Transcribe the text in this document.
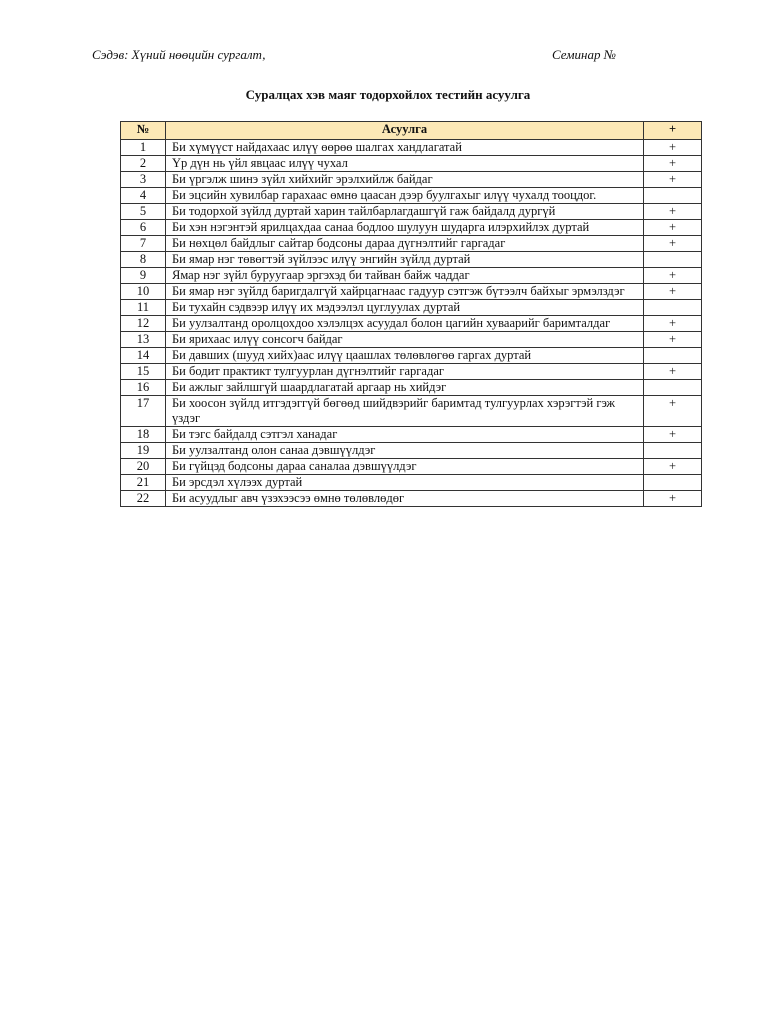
Сэдэв: Хүний нөөцийн сургалт,	Семинар №
Суралцах хэв маяг тодорхойлох тестийн асуулга
№	Асуулга	+
1	Би хүмүүст найдахаас илүү өөрөө шалгах хандлагатай	+
2	Үр дүн нь үйл явцаас илүү чухал	+
3	Би үргэлж шинэ зүйл хийхийг эрэлхийлж байдаг	+
4	Би эцсийн хувилбар гарахаас өмнө цаасан дээр буулгахыг илүү чухалд тооцдог.	
5	Би тодорхой зүйлд дуртай харин тайлбарлагдашгүй гаж байдалд дургүй	+
6	Би хэн нэгэнтэй ярилцахдаа санаа бодлоо шулуун шударга илэрхийлэх дуртай	+
7	Би нөхцөл байдлыг сайтар бодсоны дараа дүгнэлтийг гаргадаг	+
8	Би ямар нэг төвөгтэй зүйлээс илүү энгийн зүйлд дуртай	
9	Ямар нэг зүйл буруугаар эргэхэд би тайван байж чаддаг	+
10	Би ямар нэг зүйлд баригдалгүй хайрцагнаас гадуур сэтгэж бүтээлч байхыг эрмэлздэг	+
11	Би тухайн сэдвээр илүү их мэдээлэл цуглуулах дуртай	
12	Би уулзалтанд оролцохдоо хэлэлцэх асуудал болон цагийн хуваарийг баримталдаг	+
13	Би ярихаас илүү сонсогч байдаг	+
14	Би давших (шууд хийх)аас илүү цаашлах төлөвлөгөө гаргах дуртай	
15	Би бодит практикт тулгуурлан дүгнэлтийг гаргадаг	+
16	Би ажлыг зайлшгүй шаардлагатай аргаар нь хийдэг	
17	Би хоосон зүйлд итгэдэггүй бөгөөд шийдвэрийг баримтад тулгуурлах хэрэгтэй гэж үздэг	+
18	Би тэгс байдалд сэтгэл ханадаг	+
19	Би уулзалтанд олон санаа дэвшүүлдэг	
20	Би гүйцэд бодсоны дараа саналаа дэвшүүлдэг	+
21	Би эрсдэл хүлээх дуртай	
22	Би асуудлыг авч үзэхээсээ өмнө төлөвлөдөг	+
